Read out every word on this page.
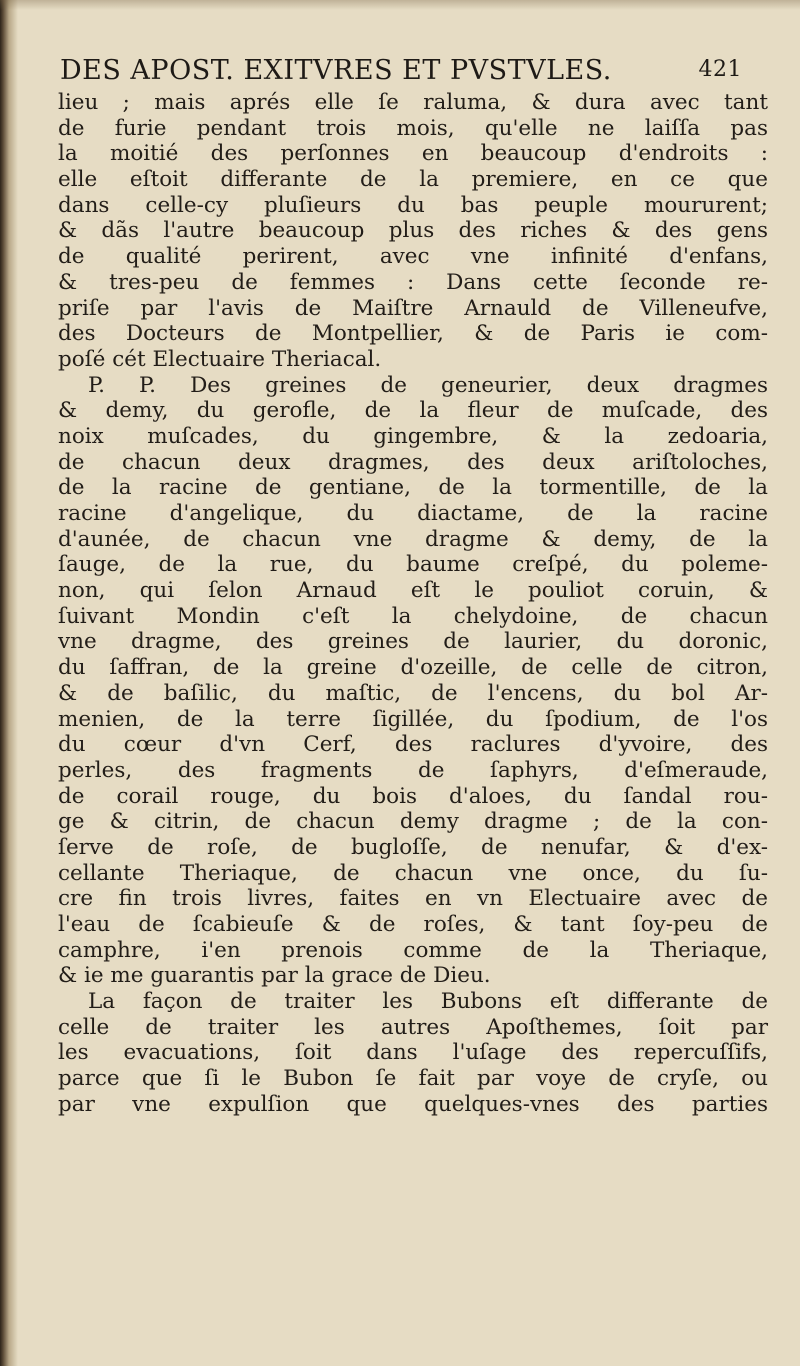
DES APOST. EXITVRES ET PVSTVLES.	421
lieu ; mais aprés elle ſe raluma, & dura avec tant
de furie pendant trois mois, qu'elle ne laiſſa pas
la moitié des perſonnes en beaucoup d'endroits :
elle eſtoit differante de la premiere, en ce que
dans celle-cy pluſieurs du bas peuple moururent;
& dãs l'autre beaucoup plus des riches & des gens
de qualité perirent, avec vne infinité d'enfans,
& tres-peu de femmes : Dans cette ſeconde re-
priſe par l'avis de Maiſtre Arnauld de Villeneufve,
des Docteurs de Montpellier, & de Paris ie com-
poſé cét Electuaire Theriacal.
P. P. Des greines de geneurier, deux dragmes
& demy, du gerofle, de la fleur de muſcade, des
noix muſcades, du gingembre, & la zedoaria,
de chacun deux dragmes, des deux ariſtoloches,
de la racine de gentiane, de la tormentille, de la
racine d'angelique, du diactame, de la racine
d'aunée, de chacun vne dragme & demy, de la
ſauge, de la rue, du baume creſpé, du poleme-
non, qui ſelon Arnaud eſt le pouliot coruin, &
ſuivant Mondin c'eſt la chelydoine, de chacun
vne dragme, des greines de laurier, du doronic,
du ſaffran, de la greine d'ozeille, de celle de citron,
& de baſilic, du maſtic, de l'encens, du bol Ar-
menien, de la terre ſigillée, du ſpodium, de l'os
du cœur d'vn Cerf, des raclures d'yvoire, des
perles, des fragments de ſaphyrs, d'eſmeraude,
de corail rouge, du bois d'aloes, du ſandal rou-
ge & citrin, de chacun demy dragme ; de la con-
ſerve de roſe, de bugloſſe, de nenufar, & d'ex-
cellante Theriaque, de chacun vne once, du ſu-
cre fin trois livres, faites en vn Electuaire avec de
l'eau de ſcabieuſe & de roſes, & tant ſoy-peu de
camphre, i'en prenois comme de la Theriaque,
& ie me guarantis par la grace de Dieu.
La façon de traiter les Bubons eſt differante de
celle de traiter les autres Apoſthemes, ſoit par
les evacuations, ſoit dans l'uſage des repercuſſifs,
parce que ſi le Bubon ſe fait par voye de cryſe, ou
par vne expulſion que quelques-vnes des parties
